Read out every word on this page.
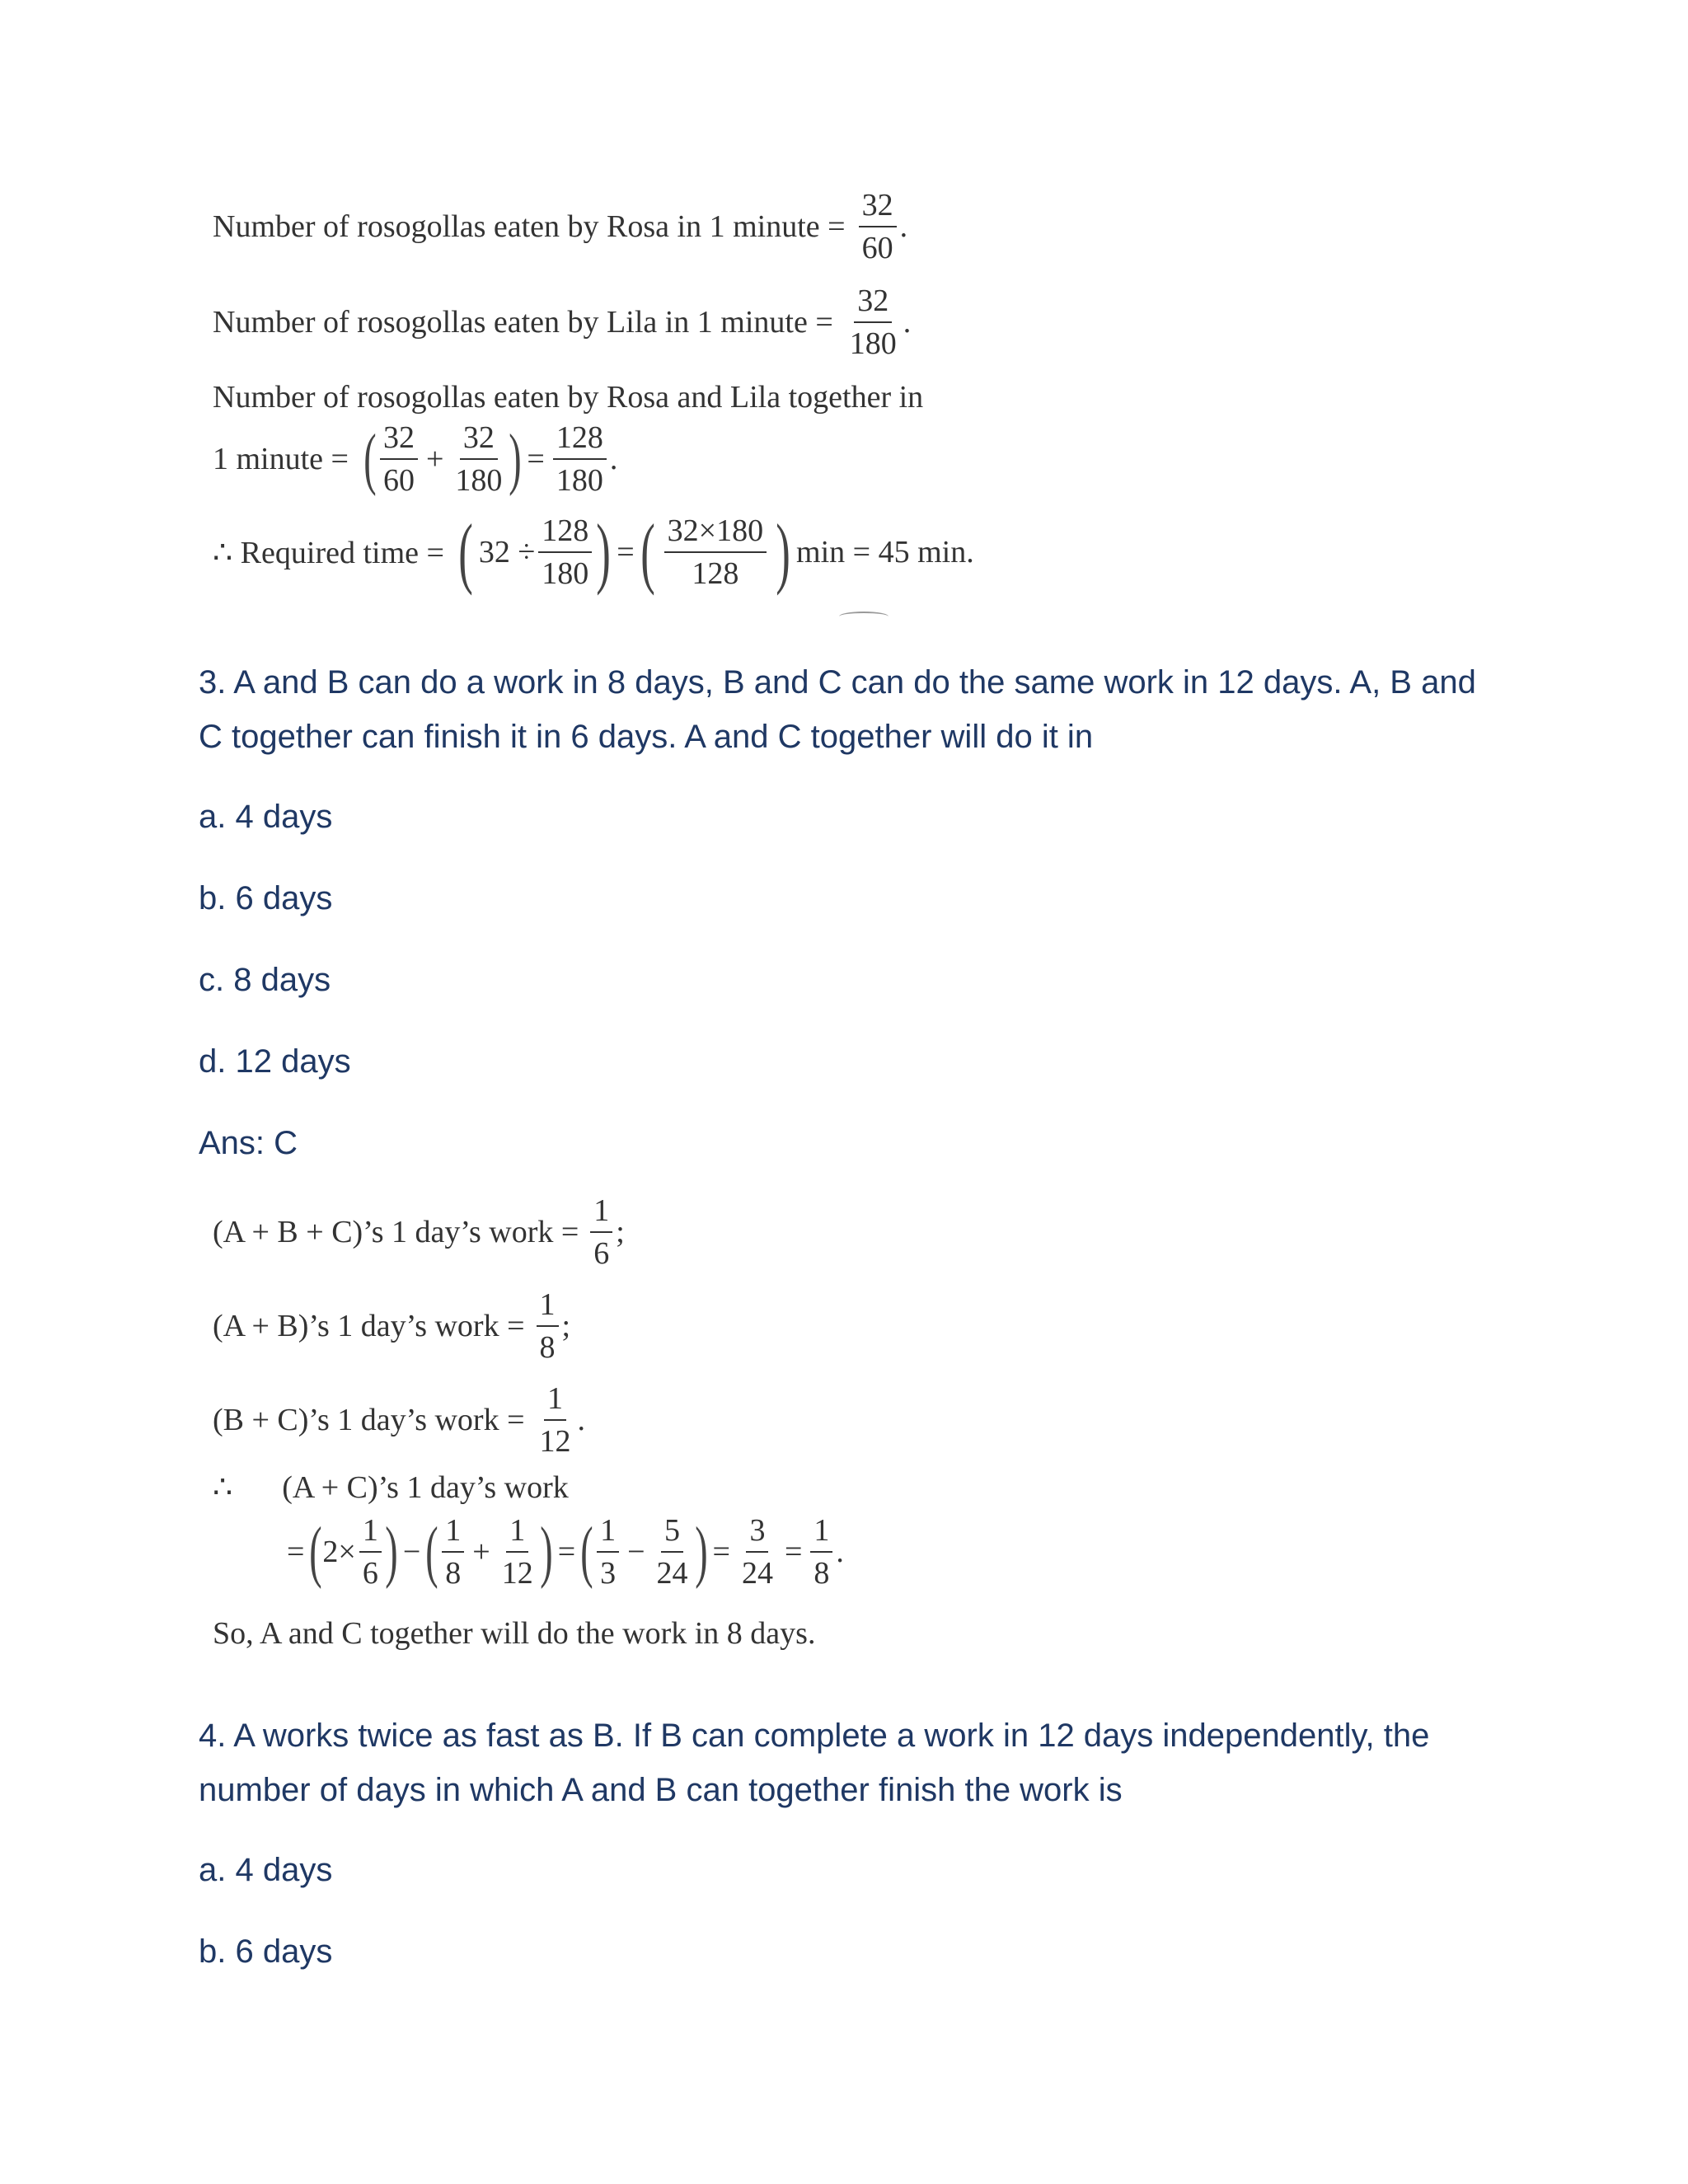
Number of rosogollas eaten by Rosa in 1 minute = $\frac{32}{60}$ .
Number of rosogollas eaten by Lila in 1 minute = $\frac{32}{180}$ .
Number of rosogollas eaten by Rosa and Lila together in
1 minute = ( $\frac{32}{60} + \frac{32}{180}$ ) = $\frac{128}{180}$ .
∴ Required time = ( $32 \div \frac{128}{180}$ ) = ( $\frac{32\times 180}{128}$ ) min = 45 min.

3. A and B can do a work in 8 days, B and C can do the same work in 12 days. A, B and C together can finish it in 6 days. A and C together will do it in

a. 4 days

b. 6 days

c. 8 days

d. 12 days

Ans: C

(A + B + C)’s 1 day’s work = $\frac{1}{6}$ ;
(A + B)’s 1 day’s work = $\frac{1}{8}$ ;
(B + C)’s 1 day’s work = $\frac{1}{12}$ .
∴ (A + C)’s 1 day’s work
= ( $2\times \frac{1}{6}$ ) − ( $\frac{1}{8} + \frac{1}{12}$ ) = ( $\frac{1}{3} - \frac{5}{24}$ ) = $\frac{3}{24} = \frac{1}{8}$ .
So, A and C together will do the work in 8 days.

4. A works twice as fast as B. If B can complete a work in 12 days independently, the number of days in which A and B can together finish the work is

a. 4 days

b. 6 days
